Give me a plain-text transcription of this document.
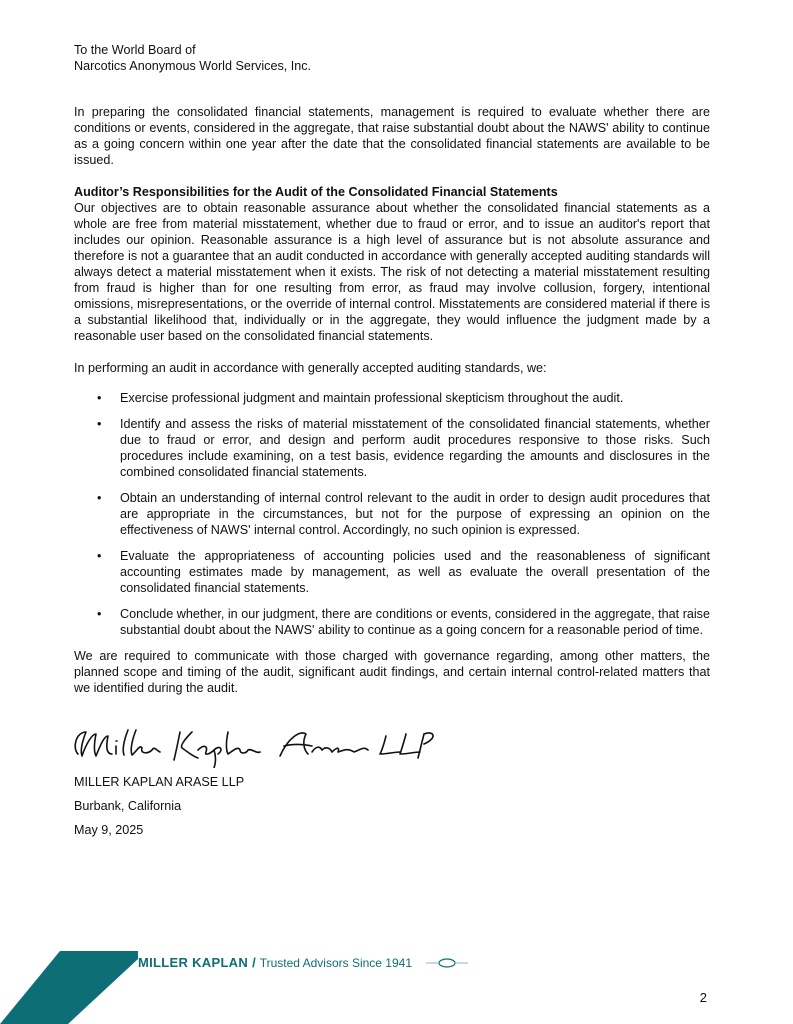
To the World Board of
Narcotics Anonymous World Services, Inc.

In preparing the consolidated financial statements, management is required to evaluate whether there are conditions or events, considered in the aggregate, that raise substantial doubt about the NAWS' ability to continue as a going concern within one year after the date that the consolidated financial statements are available to be issued.

Auditor’s Responsibilities for the Audit of the Consolidated Financial Statements

Our objectives are to obtain reasonable assurance about whether the consolidated financial statements as a whole are free from material misstatement, whether due to fraud or error, and to issue an auditor's report that includes our opinion. Reasonable assurance is a high level of assurance but is not absolute assurance and therefore is not a guarantee that an audit conducted in accordance with generally accepted auditing standards will always detect a material misstatement when it exists. The risk of not detecting a material misstatement resulting from fraud is higher than for one resulting from error, as fraud may involve collusion, forgery, intentional omissions, misrepresentations, or the override of internal control. Misstatements are considered material if there is a substantial likelihood that, individually or in the aggregate, they would influence the judgment made by a reasonable user based on the consolidated financial statements.

In performing an audit in accordance with generally accepted auditing standards, we:

• Exercise professional judgment and maintain professional skepticism throughout the audit.
• Identify and assess the risks of material misstatement of the consolidated financial statements, whether due to fraud or error, and design and perform audit procedures responsive to those risks. Such procedures include examining, on a test basis, evidence regarding the amounts and disclosures in the combined consolidated financial statements.
• Obtain an understanding of internal control relevant to the audit in order to design audit procedures that are appropriate in the circumstances, but not for the purpose of expressing an opinion on the effectiveness of NAWS' internal control. Accordingly, no such opinion is expressed.
• Evaluate the appropriateness of accounting policies used and the reasonableness of significant accounting estimates made by management, as well as evaluate the overall presentation of the consolidated financial statements.
• Conclude whether, in our judgment, there are conditions or events, considered in the aggregate, that raise substantial doubt about the NAWS' ability to continue as a going concern for a reasonable period of time.

We are required to communicate with those charged with governance regarding, among other matters, the planned scope and timing of the audit, significant audit findings, and certain internal control-related matters that we identified during the audit.

MILLER KAPLAN ARASE LLP
Burbank, California
May 9, 2025
MILLER KAPLAN / Trusted Advisors Since 1941
2
